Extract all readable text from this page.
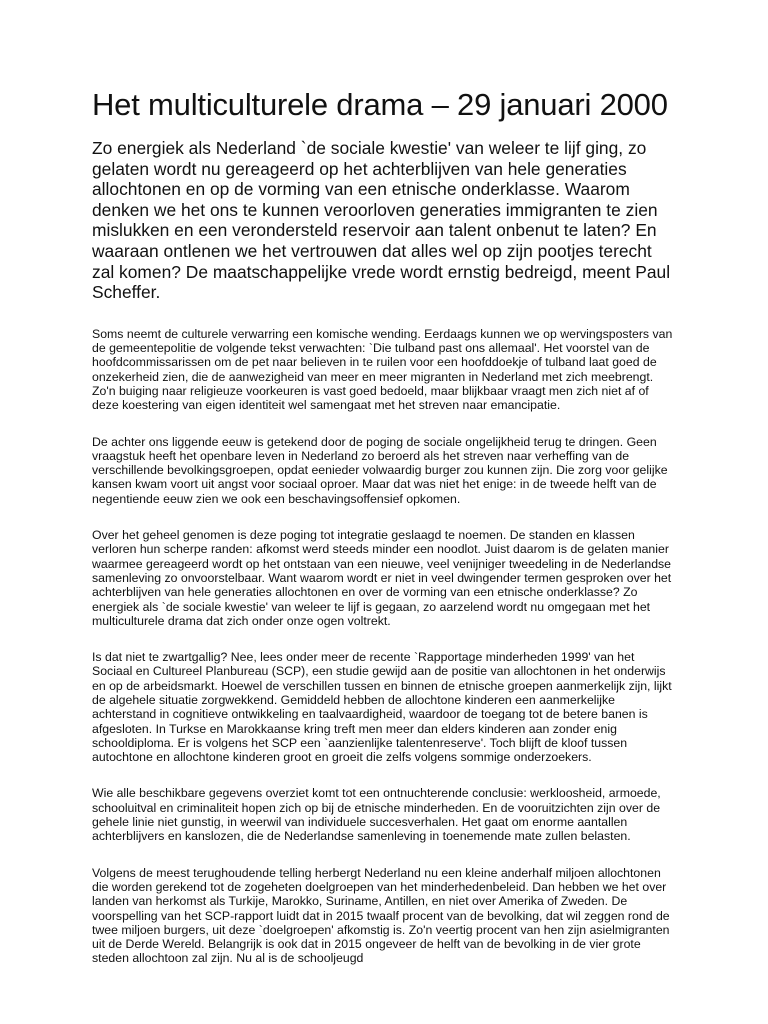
Het multiculturele drama – 29 januari 2000

Zo energiek als Nederland `de sociale kwestie' van weleer te lijf ging, zo gelaten wordt nu gereageerd op het achterblijven van hele generaties allochtonen en op de vorming van een etnische onderklasse. Waarom denken we het ons te kunnen veroorloven generaties immigranten te zien mislukken en een verondersteld reservoir aan talent onbenut te laten? En waaraan ontlenen we het vertrouwen dat alles wel op zijn pootjes terecht zal komen? De maatschappelijke vrede wordt ernstig bedreigd, meent Paul Scheffer.

Soms neemt de culturele verwarring een komische wending. Eerdaags kunnen we op wervingsposters van de gemeentepolitie de volgende tekst verwachten: `Die tulband past ons allemaal'. Het voorstel van de hoofdcommissarissen om de pet naar believen in te ruilen voor een hoofddoekje of tulband laat goed de onzekerheid zien, die de aanwezigheid van meer en meer migranten in Nederland met zich meebrengt. Zo'n buiging naar religieuze voorkeuren is vast goed bedoeld, maar blijkbaar vraagt men zich niet af of deze koestering van eigen identiteit wel samengaat met het streven naar emancipatie.

De achter ons liggende eeuw is getekend door de poging de sociale ongelijkheid terug te dringen. Geen vraagstuk heeft het openbare leven in Nederland zo beroerd als het streven naar verheffing van de verschillende bevolkingsgroepen, opdat eenieder volwaardig burger zou kunnen zijn. Die zorg voor gelijke kansen kwam voort uit angst voor sociaal oproer. Maar dat was niet het enige: in de tweede helft van de negentiende eeuw zien we ook een beschavingsoffensief opkomen.

Over het geheel genomen is deze poging tot integratie geslaagd te noemen. De standen en klassen verloren hun scherpe randen: afkomst werd steeds minder een noodlot. Juist daarom is de gelaten manier waarmee gereageerd wordt op het ontstaan van een nieuwe, veel venijniger tweedeling in de Nederlandse samenleving zo onvoorstelbaar. Want waarom wordt er niet in veel dwingender termen gesproken over het achterblijven van hele generaties allochtonen en over de vorming van een etnische onderklasse? Zo energiek als `de sociale kwestie' van weleer te lijf is gegaan, zo aarzelend wordt nu omgegaan met het multiculturele drama dat zich onder onze ogen voltrekt.

Is dat niet te zwartgallig? Nee, lees onder meer de recente `Rapportage minderheden 1999' van het Sociaal en Cultureel Planbureau (SCP), een studie gewijd aan de positie van allochtonen in het onderwijs en op de arbeidsmarkt. Hoewel de verschillen tussen en binnen de etnische groepen aanmerkelijk zijn, lijkt de algehele situatie zorgwekkend. Gemiddeld hebben de allochtone kinderen een aanmerkelijke achterstand in cognitieve ontwikkeling en taalvaardigheid, waardoor de toegang tot de betere banen is afgesloten. In Turkse en Marokkaanse kring treft men meer dan elders kinderen aan zonder enig schooldiploma. Er is volgens het SCP een `aanzienlijke talentenreserve'. Toch blijft de kloof tussen autochtone en allochtone kinderen groot en groeit die zelfs volgens sommige onderzoekers.

Wie alle beschikbare gegevens overziet komt tot een ontnuchterende conclusie: werkloosheid, armoede, schooluitval en criminaliteit hopen zich op bij de etnische minderheden. En de vooruitzichten zijn over de gehele linie niet gunstig, in weerwil van individuele succesverhalen. Het gaat om enorme aantallen achterblijvers en kanslozen, die de Nederlandse samenleving in toenemende mate zullen belasten.

Volgens de meest terughoudende telling herbergt Nederland nu een kleine anderhalf miljoen allochtonen die worden gerekend tot de zogeheten doelgroepen van het minderhedenbeleid. Dan hebben we het over landen van herkomst als Turkije, Marokko, Suriname, Antillen, en niet over Amerika of Zweden. De voorspelling van het SCP-rapport luidt dat in 2015 twaalf procent van de bevolking, dat wil zeggen rond de twee miljoen burgers, uit deze `doelgroepen' afkomstig is. Zo'n veertig procent van hen zijn asielmigranten uit de Derde Wereld. Belangrijk is ook dat in 2015 ongeveer de helft van de bevolking in de vier grote steden allochtoon zal zijn. Nu al is de schooljeugd
